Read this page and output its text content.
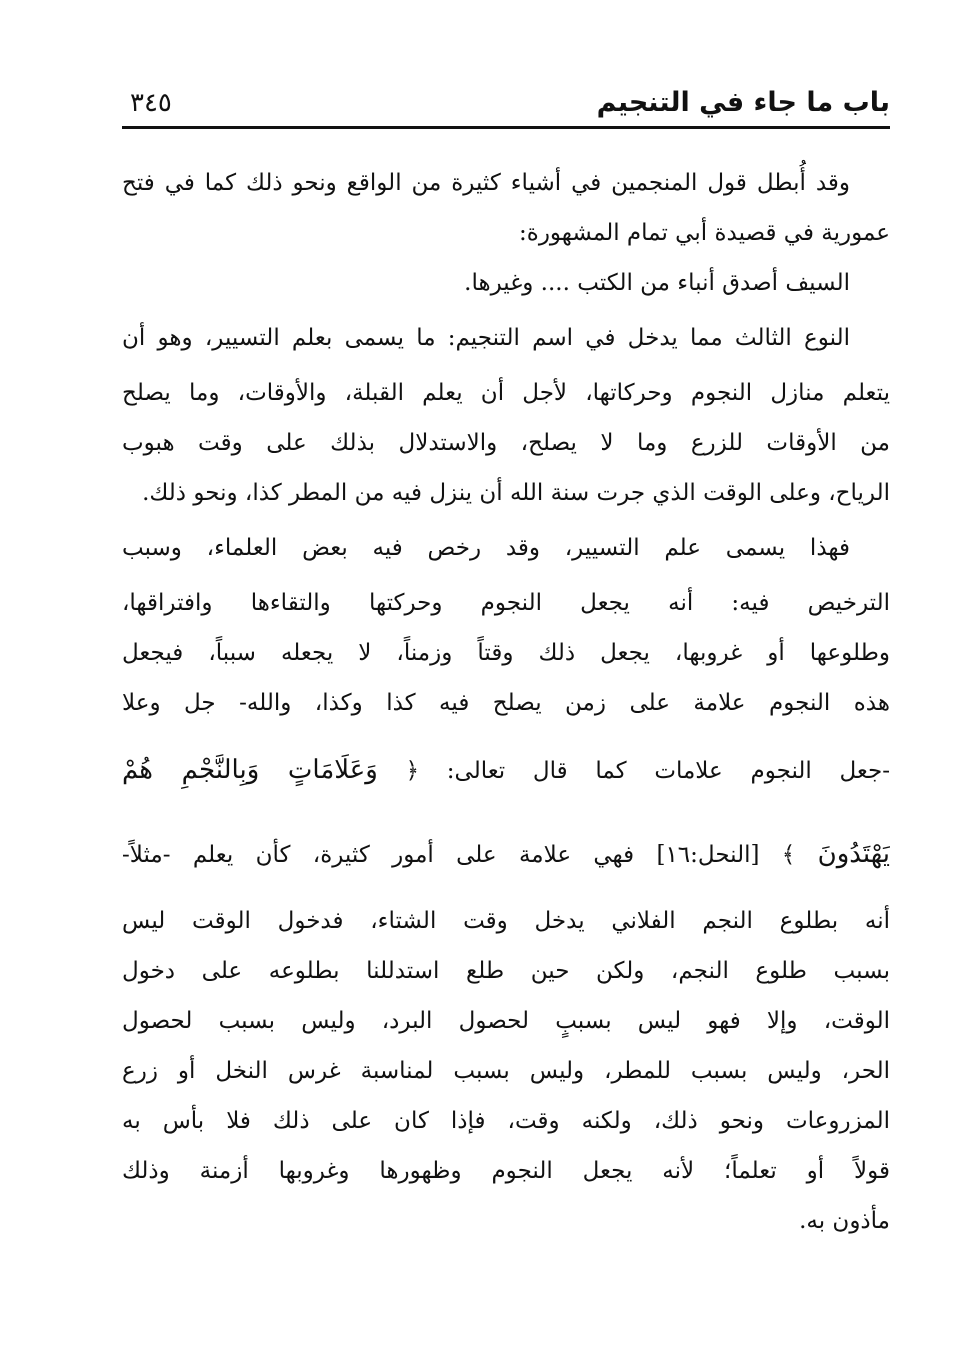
باب ما جاء في التنجيم
٣٤٥
وقد أُبطل قول المنجمين في أشياء كثيرة من الواقع ونحو ذلك كما في فتح
عمورية في قصيدة أبي تمام المشهورة:
السيف أصدق أنباء من الكتب .... وغيرها.
النوع الثالث مما يدخل في اسم التنجيم: ما يسمى بعلم التسيير، وهو أن
يتعلم منازل النجوم وحركاتها، لأجل أن يعلم القبلة، والأوقات، وما يصلح
من الأوقات للزرع وما لا يصلح، والاستدلال بذلك على وقت هبوب
الرياح، وعلى الوقت الذي جرت سنة الله أن ينزل فيه من المطر كذا، ونحو ذلك.
فهذا يسمى علم التسيير، وقد رخص فيه بعض العلماء، وسبب
الترخيص فيه: أنه يجعل النجوم وحركتها والتقاءها وافتراقها،
وطلوعها أو غروبها، يجعل ذلك وقتاً وزمناً، لا يجعله سبباً، فيجعل
هذه النجوم علامة على زمن يصلح فيه كذا وكذا، والله- جل وعلا
-جعل النجوم علامات كما قال تعالى: ﴿ وَعَلَامَاتٍ وَبِالنَّجْمِ هُمْ
يَهْتَدُونَ ﴾ [النحل:١٦] فهي علامة على أمور كثيرة، كأن يعلم -مثلاً-
أنه بطلوع النجم الفلاني يدخل وقت الشتاء، فدخول الوقت ليس
بسبب طلوع النجم، ولكن حين طلع استدللنا بطلوعه على دخول
الوقت، وإلا فهو ليس بسببٍ لحصول البرد، وليس بسبب لحصول
الحر، وليس بسبب للمطر، وليس بسبب لمناسبة غرس النخل أو زرع
المزروعات ونحو ذلك، ولكنه وقت، فإذا كان على ذلك فلا بأس به
قولاً أو تعلماً؛ لأنه يجعل النجوم وظهورها وغروبها أزمنة وذلك
مأذون به.
